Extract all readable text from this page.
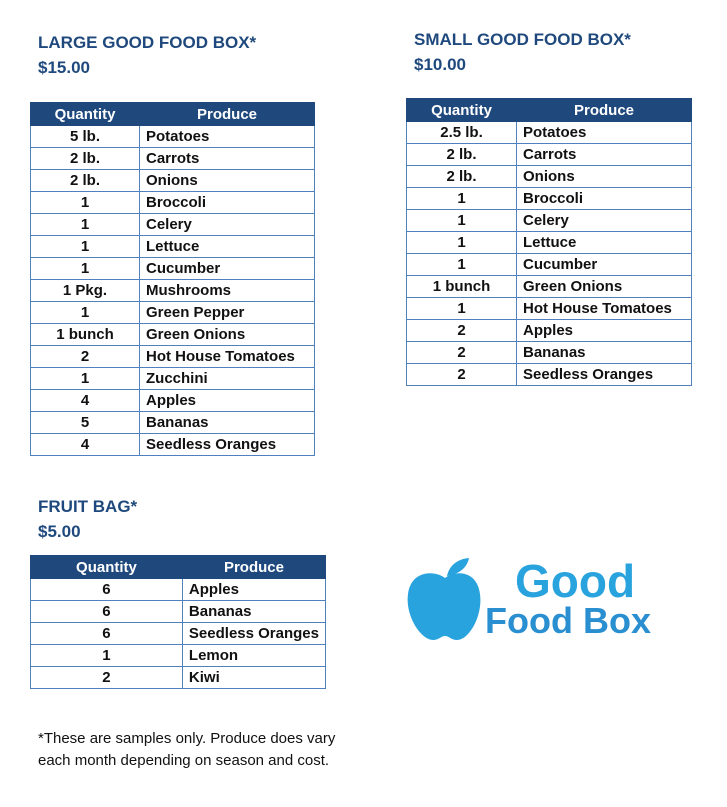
LARGE GOOD FOOD BOX*
$15.00
Quantity	Produce
5 lb.	Potatoes
2 lb.	Carrots
2 lb.	Onions
1	Broccoli
1	Celery
1	Lettuce
1	Cucumber
1 Pkg.	Mushrooms
1	Green Pepper
1 bunch	Green Onions
2	Hot House Tomatoes
1	Zucchini
4	Apples
5	Bananas
4	Seedless Oranges
SMALL GOOD FOOD BOX*
$10.00
Quantity	Produce
2.5 lb.	Potatoes
2 lb.	Carrots
2 lb.	Onions
1	Broccoli
1	Celery
1	Lettuce
1	Cucumber
1 bunch	Green Onions
1	Hot House Tomatoes
2	Apples
2	Bananas
2	Seedless Oranges
FRUIT BAG*
$5.00
Quantity	Produce
6	Apples
6	Bananas
6	Seedless Oranges
1	Lemon
2	Kiwi
Good
Food Box

*These are samples only. Produce does vary each month depending on season and cost.
